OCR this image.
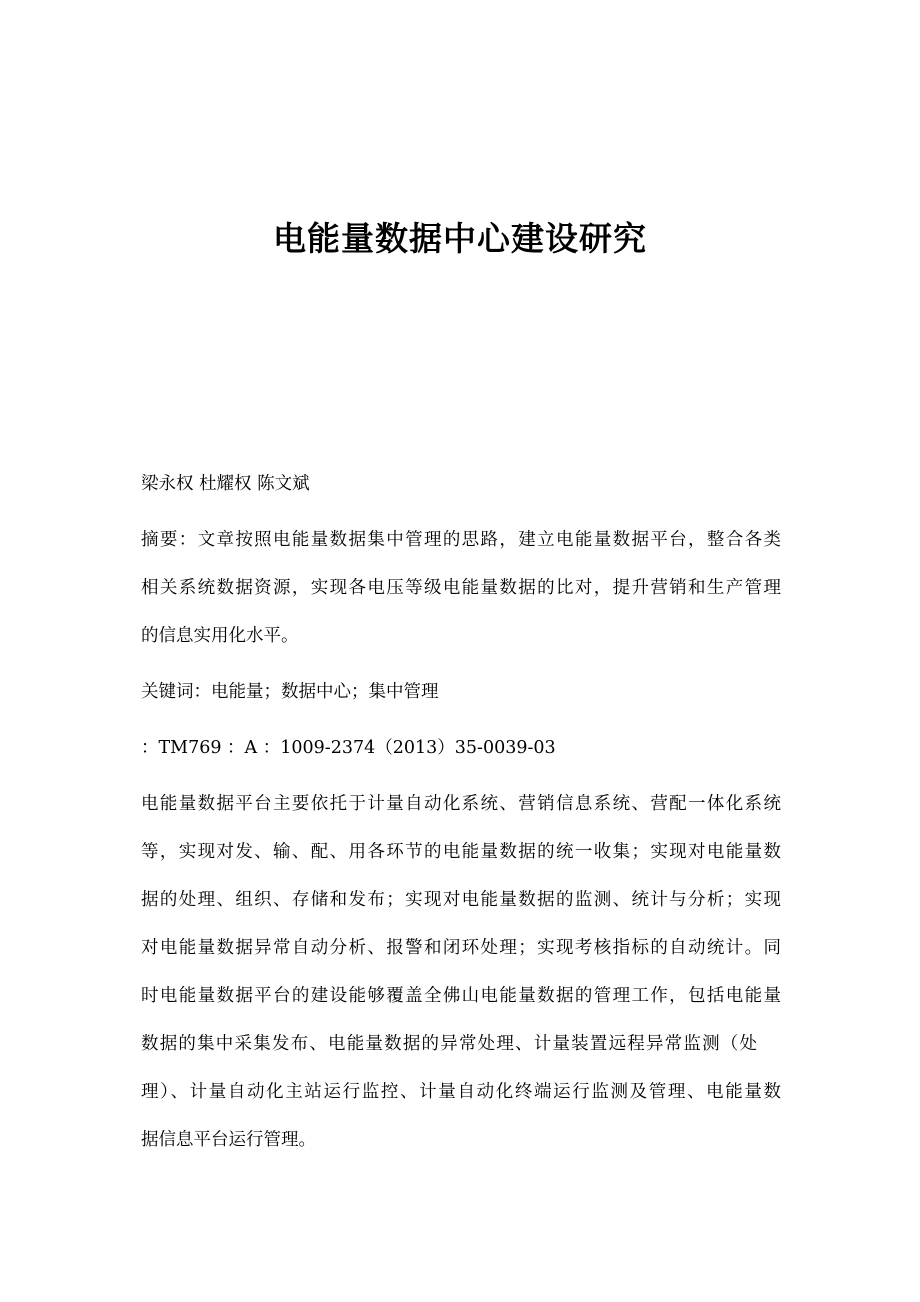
电能量数据中心建设研究
梁永权 杜耀权 陈文斌
摘要：文章按照电能量数据集中管理的思路，建立电能量数据平台，整合各类
相关系统数据资源，实现各电压等级电能量数据的比对，提升营销和生产管理
的信息实用化水平。
关键词：电能量；数据中心；集中管理
：TM769 ：A ：1009-2374（2013）35-0039-03
电能量数据平台主要依托于计量自动化系统、营销信息系统、营配一体化系统
等，实现对发、输、配、用各环节的电能量数据的统一收集；实现对电能量数
据的处理、组织、存储和发布；实现对电能量数据的监测、统计与分析；实现
对电能量数据异常自动分析、报警和闭环处理；实现考核指标的自动统计。同
时电能量数据平台的建设能够覆盖全佛山电能量数据的管理工作，包括电能量
数据的集中采集发布、电能量数据的异常处理、计量装置远程异常监测（处
理）、计量自动化主站运行监控、计量自动化终端运行监测及管理、电能量数
据信息平台运行管理。
